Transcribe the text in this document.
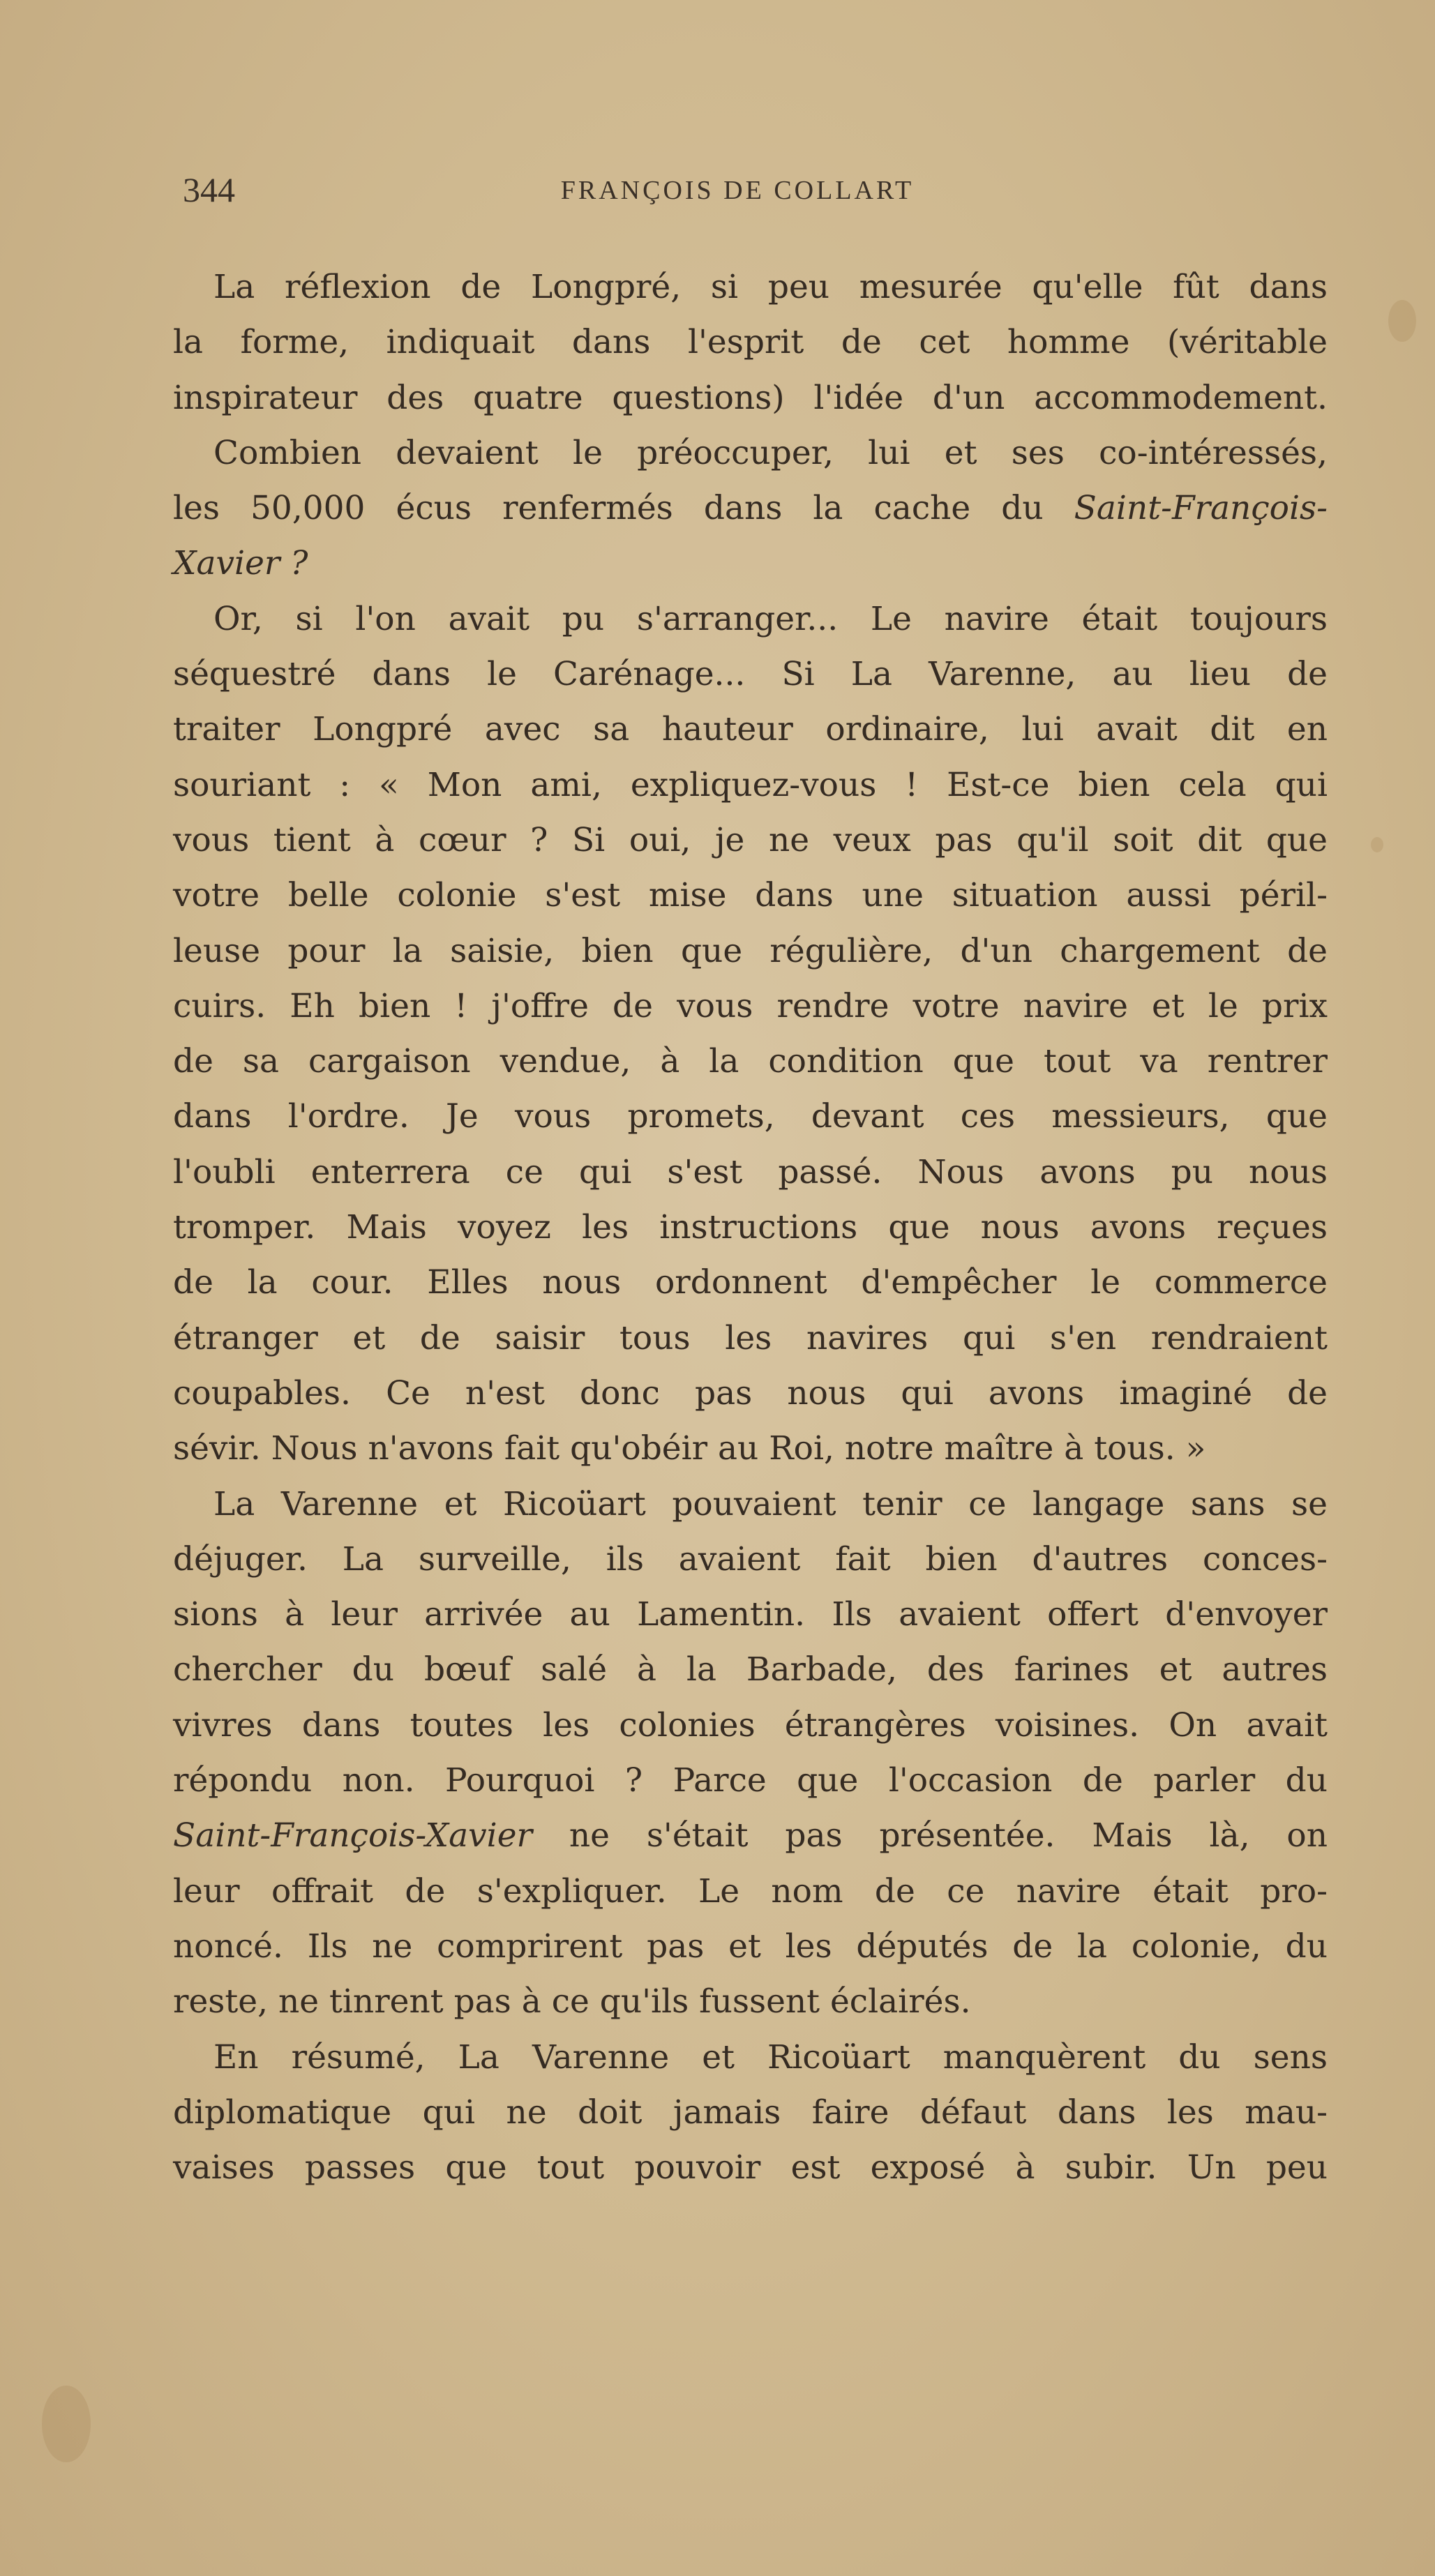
344	FRANÇOIS DE COLLART
La réflexion de Longpré, si peu mesurée qu'elle fût dans
la forme, indiquait dans l'esprit de cet homme (véritable
inspirateur des quatre questions) l'idée d'un accommodement.
Combien devaient le préoccuper, lui et ses co-intéressés,
les 50,000 écus renfermés dans la cache du Saint-François-
Xavier ?
Or, si l'on avait pu s'arranger... Le navire était toujours
séquestré dans le Carénage... Si La Varenne, au lieu de
traiter Longpré avec sa hauteur ordinaire, lui avait dit en
souriant : « Mon ami, expliquez-vous ! Est-ce bien cela qui
vous tient à cœur ? Si oui, je ne veux pas qu'il soit dit que
votre belle colonie s'est mise dans une situation aussi péril-
leuse pour la saisie, bien que régulière, d'un chargement de
cuirs. Eh bien ! j'offre de vous rendre votre navire et le prix
de sa cargaison vendue, à la condition que tout va rentrer
dans l'ordre. Je vous promets, devant ces messieurs, que
l'oubli enterrera ce qui s'est passé. Nous avons pu nous
tromper. Mais voyez les instructions que nous avons reçues
de la cour. Elles nous ordonnent d'empêcher le commerce
étranger et de saisir tous les navires qui s'en rendraient
coupables. Ce n'est donc pas nous qui avons imaginé de
sévir. Nous n'avons fait qu'obéir au Roi, notre maître à tous. »
La Varenne et Ricoüart pouvaient tenir ce langage sans se
déjuger. La surveille, ils avaient fait bien d'autres conces-
sions à leur arrivée au Lamentin. Ils avaient offert d'envoyer
chercher du bœuf salé à la Barbade, des farines et autres
vivres dans toutes les colonies étrangères voisines. On avait
répondu non. Pourquoi ? Parce que l'occasion de parler du
Saint-François-Xavier ne s'était pas présentée. Mais là, on
leur offrait de s'expliquer. Le nom de ce navire était pro-
noncé. Ils ne comprirent pas et les députés de la colonie, du
reste, ne tinrent pas à ce qu'ils fussent éclairés.
En résumé, La Varenne et Ricoüart manquèrent du sens
diplomatique qui ne doit jamais faire défaut dans les mau-
vaises passes que tout pouvoir est exposé à subir. Un peu
